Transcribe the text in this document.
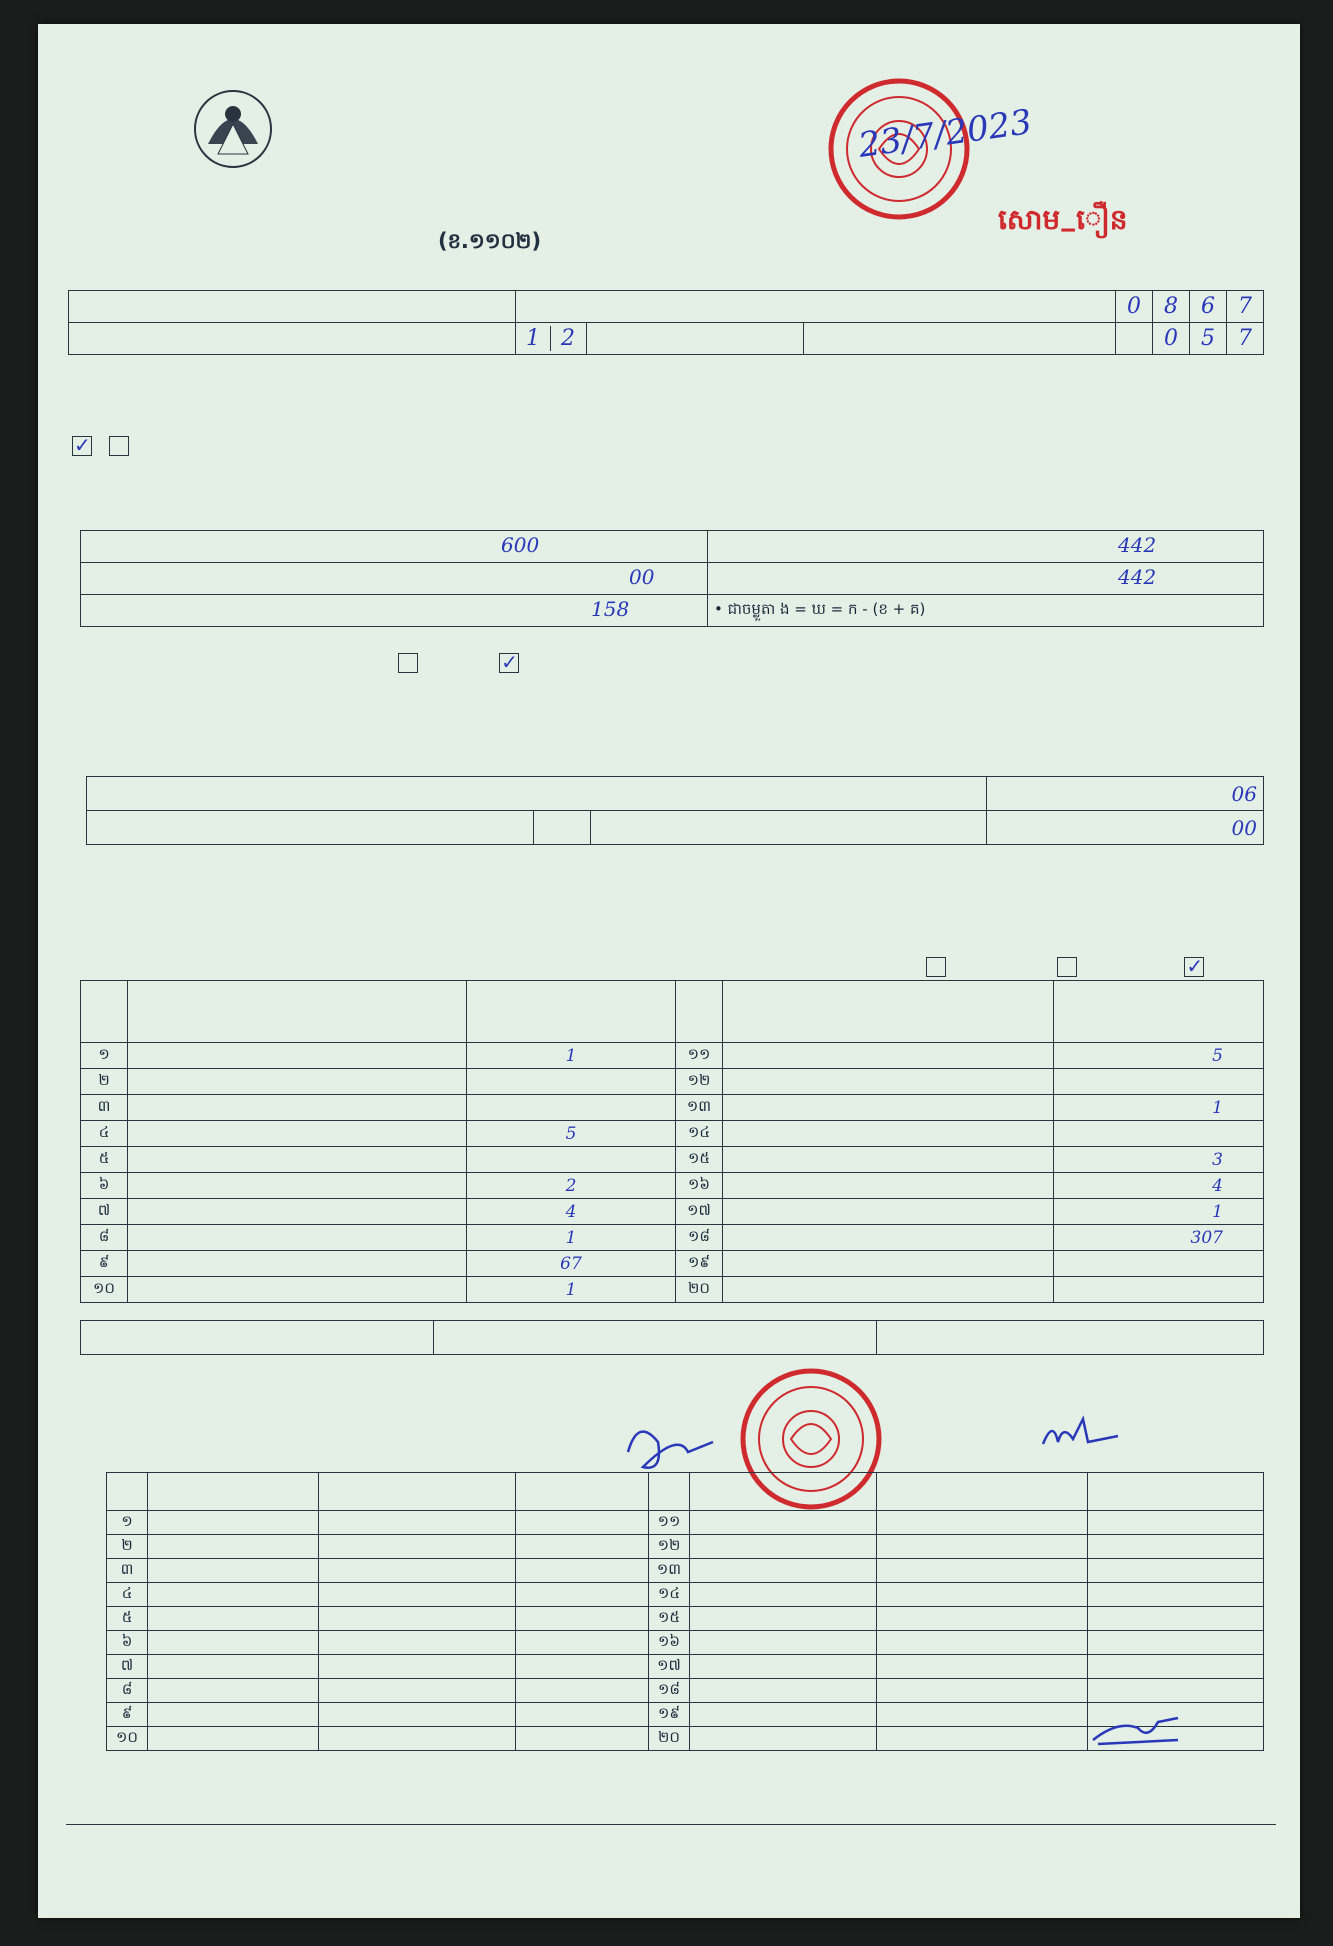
23/7/2023
សោម_ឿន
(ខ.១១០២)
				0	8	6	7

	1 2				0	5	7
✓
600	442

00	442

158	• ជាចម្លួតា ង = ឃ = ក - (ខ + គ)
✓
			06
			00
✓

១		1	១១		5
២			១២		
៣			១៣		1
៤		5	១៤		
៥			១៥		3
៦		2	១៦		4
៧		4	១៧		1
៨		1	១៨		307
៩		67	១៩		
១០		1	២០		

១				១១			
២				១២			
៣				១៣			
៤				១៤			
៥				១៥			
៦				១៦			
៧				១៧			
៨				១៨			
៩				១៩			
១០				២០			
